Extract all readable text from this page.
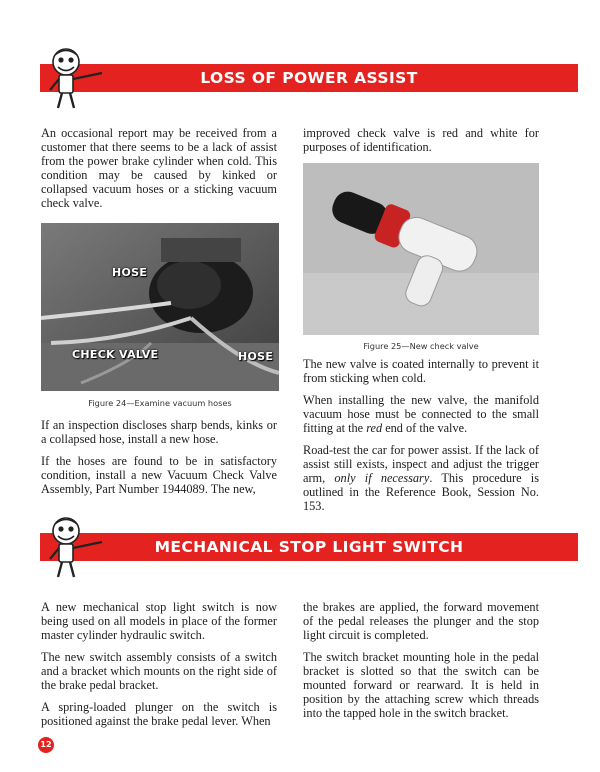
LOSS OF POWER ASSIST

An occasional report may be received from a customer that there seems to be a lack of assist from the power brake cylinder when cold. This condition may be caused by kinked or collapsed vacuum hoses or a sticking vacuum check valve.

HOSE
CHECK VALVE	HOSE
Figure 24—Examine vacuum hoses

If an inspection discloses sharp bends, kinks or a collapsed hose, install a new hose.

If the hoses are found to be in satisfactory condition, install a new Vacuum Check Valve Assembly, Part Number 1944089. The new,

improved check valve is red and white for purposes of identification.

Figure 25—New check valve

The new valve is coated internally to prevent it from sticking when cold.

When installing the new valve, the manifold vacuum hose must be connected to the small fitting at the red end of the valve.

Road-test the car for power assist. If the lack of assist still exists, inspect and adjust the trigger arm, only if necessary. This procedure is outlined in the Reference Book, Session No. 153.

MECHANICAL STOP LIGHT SWITCH

A new mechanical stop light switch is now being used on all models in place of the former master cylinder hydraulic switch.

The new switch assembly consists of a switch and a bracket which mounts on the right side of the brake pedal bracket.

A spring-loaded plunger on the switch is positioned against the brake pedal lever. When

the brakes are applied, the forward movement of the pedal releases the plunger and the stop light circuit is completed.

The switch bracket mounting hole in the pedal bracket is slotted so that the switch can be mounted forward or rearward. It is held in position by the attaching screw which threads into the tapped hole in the switch bracket.

12
